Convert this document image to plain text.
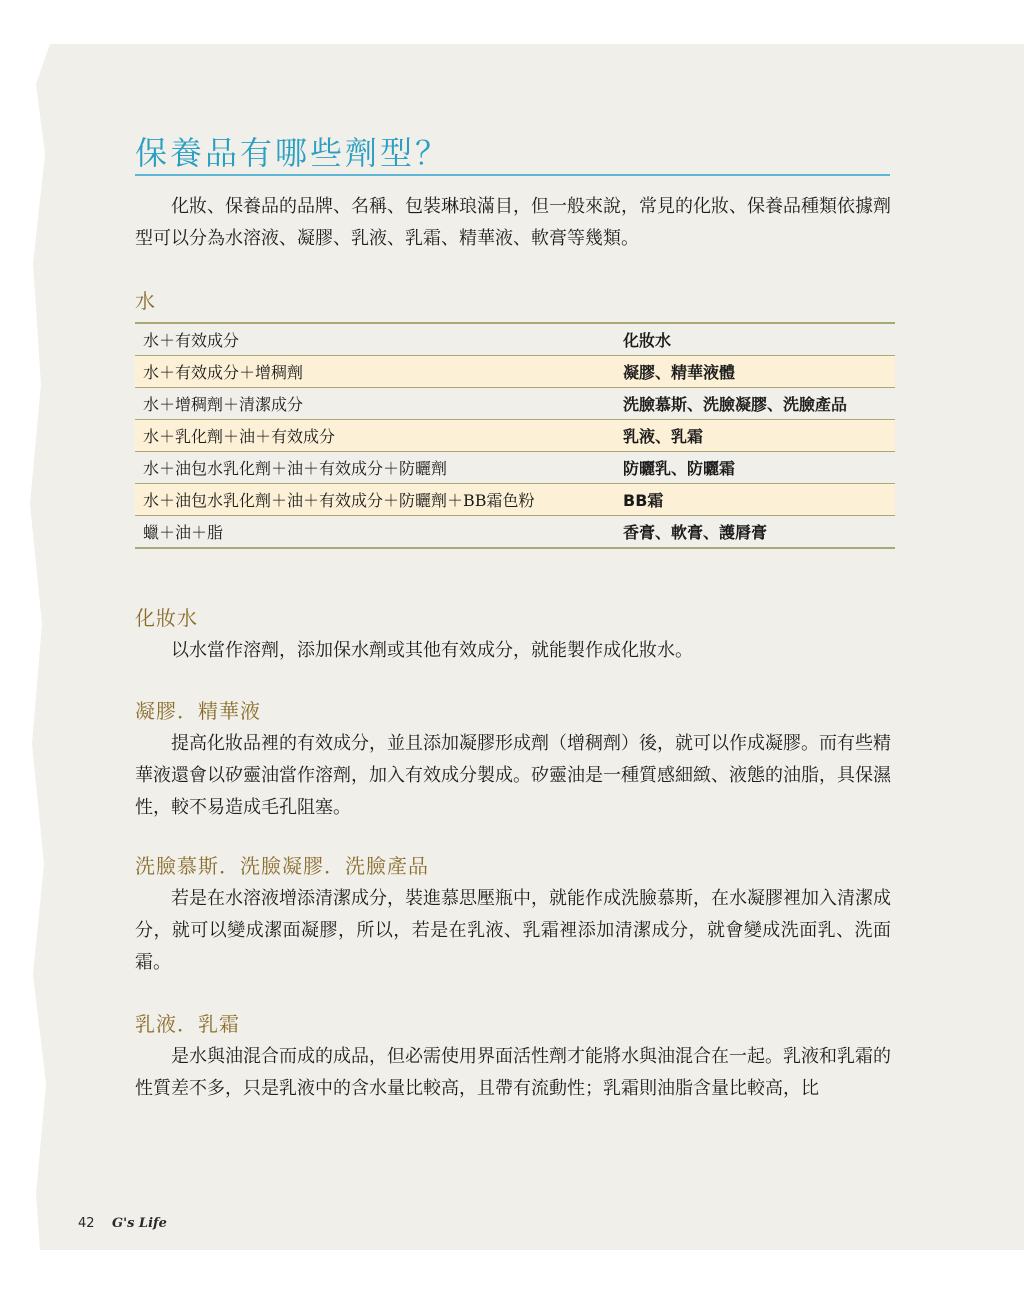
保養品有哪些劑型？

化妝、保養品的品牌、名稱、包裝琳琅滿目，但一般來說，常見的化妝、保養品種類依據劑型可以分為水溶液、凝膠、乳液、乳霜、精華液、軟膏等幾類。

水
水＋有效成分	化妝水
水＋有效成分＋增稠劑	凝膠、精華液體
水＋增稠劑＋清潔成分	洗臉慕斯、洗臉凝膠、洗臉產品
水＋乳化劑＋油＋有效成分	乳液、乳霜
水＋油包水乳化劑＋油＋有效成分＋防曬劑	防曬乳、防曬霜
水＋油包水乳化劑＋油＋有效成分＋防曬劑＋BB霜色粉	BB霜
蠟＋油＋脂	香膏、軟膏、護脣膏
化妝水

以水當作溶劑，添加保水劑或其他有效成分，就能製作成化妝水。

凝膠．精華液

提高化妝品裡的有效成分，並且添加凝膠形成劑（增稠劑）後，就可以作成凝膠。而有些精華液還會以矽靈油當作溶劑，加入有效成分製成。矽靈油是一種質感細緻、液態的油脂，具保濕性，較不易造成毛孔阻塞。

洗臉慕斯．洗臉凝膠．洗臉產品

若是在水溶液增添清潔成分，裝進慕思壓瓶中，就能作成洗臉慕斯，在水凝膠裡加入清潔成分，就可以變成潔面凝膠，所以，若是在乳液、乳霜裡添加清潔成分，就會變成洗面乳、洗面霜。

乳液．乳霜

是水與油混合而成的成品，但必需使用界面活性劑才能將水與油混合在一起。乳液和乳霜的性質差不多，只是乳液中的含水量比較高，且帶有流動性；乳霜則油脂含量比較高，比

42 G's Life
